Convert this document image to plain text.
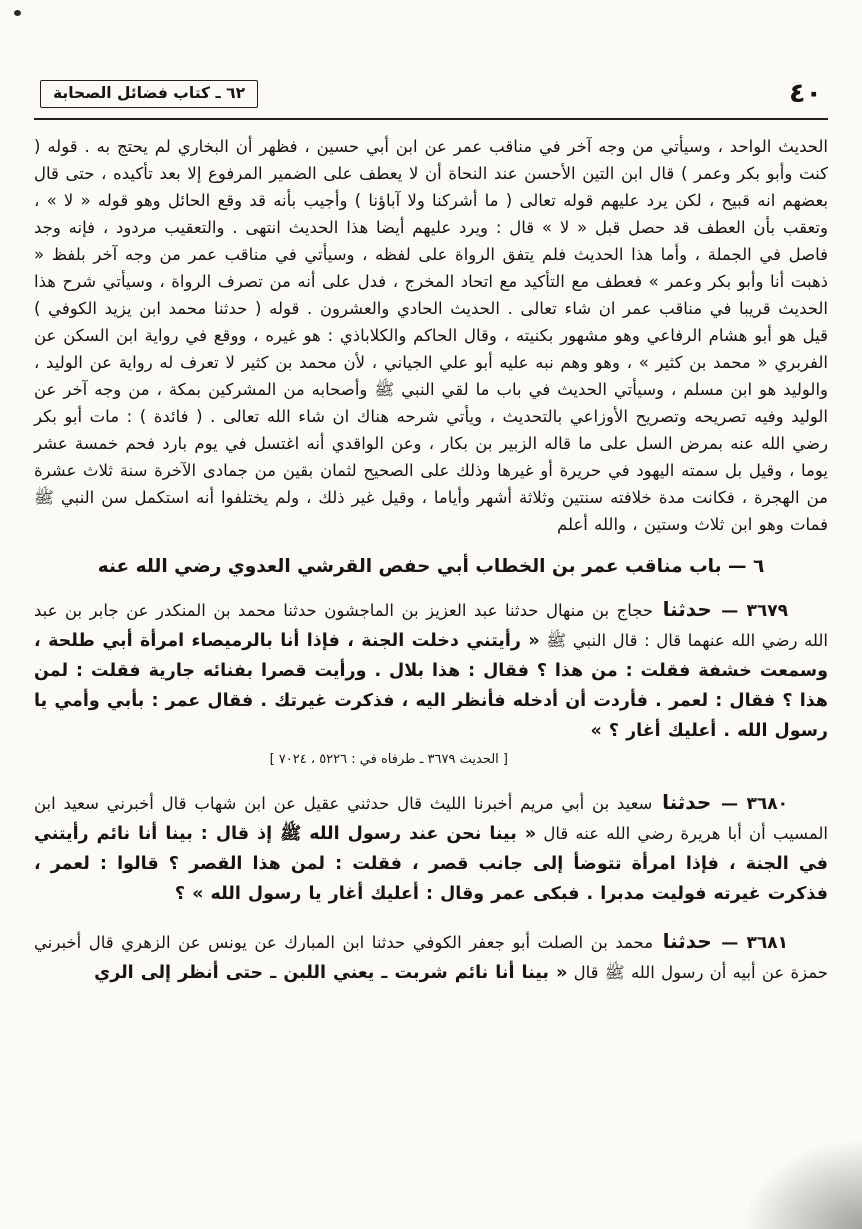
٤٠
٦٢ ـ كتاب فضائل الصحابة

الحديث الواحد ، وسيأتي من وجه آخر في مناقب عمر عن ابن أبي حسين ، فظهر أن البخاري لم يحتج به . قوله ( كنت وأبو بكر وعمر ) قال ابن التين الأحسن عند النحاة أن لا يعطف على الضمير المرفوع إلا بعد تأكيده ، حتى قال بعضهم انه قبيح ، لكن يرد عليهم قوله تعالى ( ما أشركنا ولا آباؤنا ) وأجيب بأنه قد وقع الحائل وهو قوله « لا » ، وتعقب بأن العطف قد حصل قبل « لا » قال : ويرد عليهم أيضا هذا الحديث انتهى . والتعقيب مردود ، فإنه وجد فاصل في الجملة ، وأما هذا الحديث فلم يتفق الرواة على لفظه ، وسيأتي في مناقب عمر من وجه آخر بلفظ « ذهبت أنا وأبو بكر وعمر » فعطف مع التأكيد مع اتحاد المخرج ، فدل على أنه من تصرف الرواة ، وسيأتي شرح هذا الحديث قريبا في مناقب عمر ان شاء تعالى . الحديث الحادي والعشرون . قوله ( حدثنا محمد ابن يزيد الكوفي ) قيل هو أبو هشام الرفاعي وهو مشهور بكنيته ، وقال الحاكم والكلاباذي : هو غيره ، ووقع في رواية ابن السكن عن الفربري « محمد بن كثير » ، وهو وهم نبه عليه أبو علي الجياني ، لأن محمد بن كثير لا تعرف له رواية عن الوليد ، والوليد هو ابن مسلم ، وسيأتي الحديث في باب ما لقي النبي ﷺ وأصحابه من المشركين بمكة ، من وجه آخر عن الوليد وفيه تصريحه وتصريح الأوزاعي بالتحديث ، ويأتي شرحه هناك ان شاء الله تعالى . ( فائدة ) : مات أبو بكر رضي الله عنه بمرض السل على ما قاله الزبير بن بكار ، وعن الواقدي أنه اغتسل في يوم بارد فحم خمسة عشر يوما ، وقيل بل سمته اليهود في حريرة أو غيرها وذلك على الصحيح لثمان بقين من جمادى الآخرة سنة ثلاث عشرة من الهجرة ، فكانت مدة خلافته سنتين وثلاثة أشهر وأياما ، وقيل غير ذلك ، ولم يختلفوا أنه استكمل سن النبي ﷺ فمات وهو ابن ثلاث وستين ، والله أعلم

٦ — باب مناقب عمر بن الخطاب أبي حفص القرشي العدوي رضي الله عنه

٣٦٧٩ — حدثنا حجاج بن منهال حدثنا عبد العزيز بن الماجشون حدثنا محمد بن المنكدر عن جابر بن عبد الله رضي الله عنهما قال : قال النبي ﷺ « رأيتني دخلت الجنة ، فإذا أنا بالرميصاء امرأة أبي طلحة ، وسمعت خشفة فقلت : من هذا ؟ فقال : هذا بلال . ورأيت قصرا بفنائه جارية فقلت : لمن هذا ؟ فقال : لعمر . فأردت أن أدخله فأنظر اليه ، فذكرت غيرتك . فقال عمر : بأبي وأمي يا رسول الله . أعليك أغار ؟ »

[ الحديث ٣٦٧٩ ـ طرفاه في : ٥٢٢٦ ، ٧٠٢٤ ]

٣٦٨٠ — حدثنا سعيد بن أبي مريم أخبرنا الليث قال حدثني عقيل عن ابن شهاب قال أخبرني سعيد ابن المسيب أن أبا هريرة رضي الله عنه قال « بينا نحن عند رسول الله ﷺ إذ قال : بينا أنا نائم رأيتني في الجنة ، فإذا امرأة تتوضأ إلى جانب قصر ، فقلت : لمن هذا القصر ؟ قالوا : لعمر ، فذكرت غيرته فوليت مدبرا . فبكى عمر وقال : أعليك أغار يا رسول الله » ؟

٣٦٨١ — حدثنا محمد بن الصلت أبو جعفر الكوفي حدثنا ابن المبارك عن يونس عن الزهري قال أخبرني حمزة عن أبيه أن رسول الله ﷺ قال « بينا أنا نائم شربت ـ يعني اللبن ـ حتى أنظر إلى الري
